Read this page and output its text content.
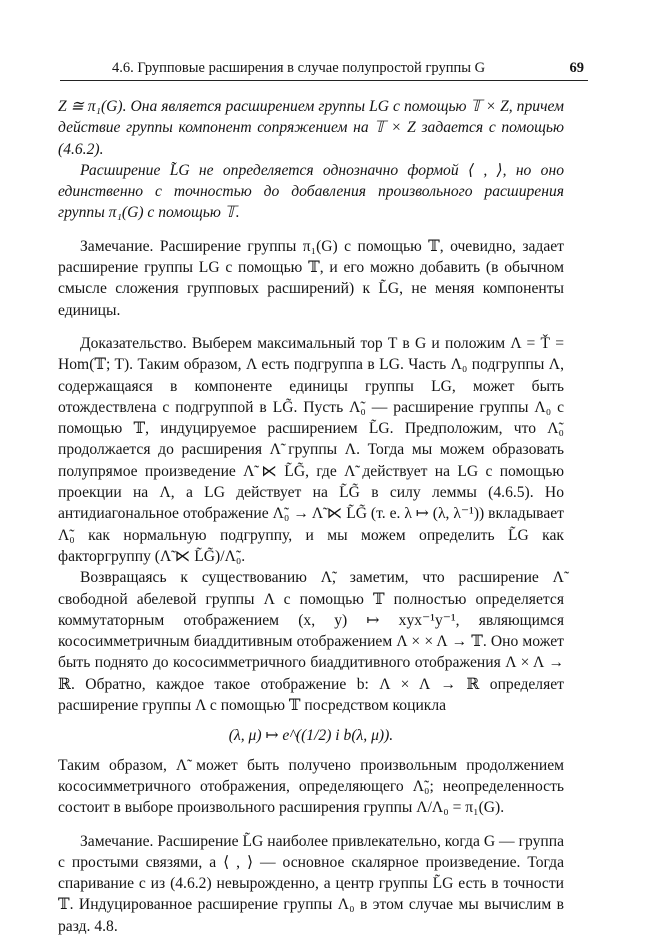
4.6. Групповые расширения в случае полупростой группы G	69

Z ≅ π₁(G). Она является расширением группы LG с помощью 𝕋 × Z, причем действие группы компонент сопряжением на 𝕋 × Z задается с помощью (4.6.2).

Расширение L̃G не определяется однозначно формой ⟨ , ⟩, но оно единственно с точностью до добавления произвольного расширения группы π₁(G) с помощью 𝕋.

Замечание. Расширение группы π₁(G) с помощью 𝕋, очевидно, задает расширение группы LG с помощью 𝕋, и его можно добавить (в обычном смысле сложения групповых расширений) к L̃G, не меняя компоненты единицы.

Доказательство. Выберем максимальный тор T в G и положим Λ = Ť = Hom(𝕋; T). Таким образом, Λ есть подгруппа в LG. Часть Λ₀ подгруппы Λ, содержащаяся в компоненте единицы группы LG, может быть отождествлена с подгруппой в LG̃. Пусть Λ̃₀ — расширение группы Λ₀ с помощью 𝕋, индуцируемое расширением L̃G. Предположим, что Λ̃₀ продолжается до расширения Λ̃ группы Λ. Тогда мы можем образовать полупрямое произведение Λ̃ ⋉ L̃G̃, где Λ̃ действует на LG с помощью проекции на Λ, а LG действует на L̃G̃ в силу леммы (4.6.5). Но антидиагональное отображение Λ̃₀ → Λ̃ ⋉ L̃G̃ (т. е. λ ↦ (λ, λ⁻¹)) вкладывает Λ̃₀ как нормальную подгруппу, и мы можем определить L̃G как факторгруппу (Λ̃ ⋉ L̃G̃)/Λ̃₀.

Возвращаясь к существованию Λ̃, заметим, что расширение Λ̃ свободной абелевой группы Λ с помощью 𝕋 полностью определяется коммутаторным отображением (x, y) ↦ xyx⁻¹y⁻¹, являющимся кососимметричным биаддитивным отображением Λ × × Λ → 𝕋. Оно может быть поднято до кососимметричного биаддитивного отображения Λ × Λ → ℝ. Обратно, каждое такое отображение b: Λ × Λ → ℝ определяет расширение группы Λ с помощью 𝕋 посредством коцикла

(λ, μ) ↦ e^((1/2) i b(λ, μ)).

Таким образом, Λ̃ может быть получено произвольным продолжением кососимметричного отображения, определяющего Λ̃₀; неопределенность состоит в выборе произвольного расширения группы Λ/Λ₀ = π₁(G).

Замечание. Расширение L̃G наиболее привлекательно, когда G — группа с простыми связями, а ⟨ , ⟩ — основное скалярное произведение. Тогда спаривание c из (4.6.2) невырожденно, а центр группы L̃G есть в точности 𝕋. Индуцированное расширение группы Λ₀ в этом случае мы вычислим в разд. 4.8.
